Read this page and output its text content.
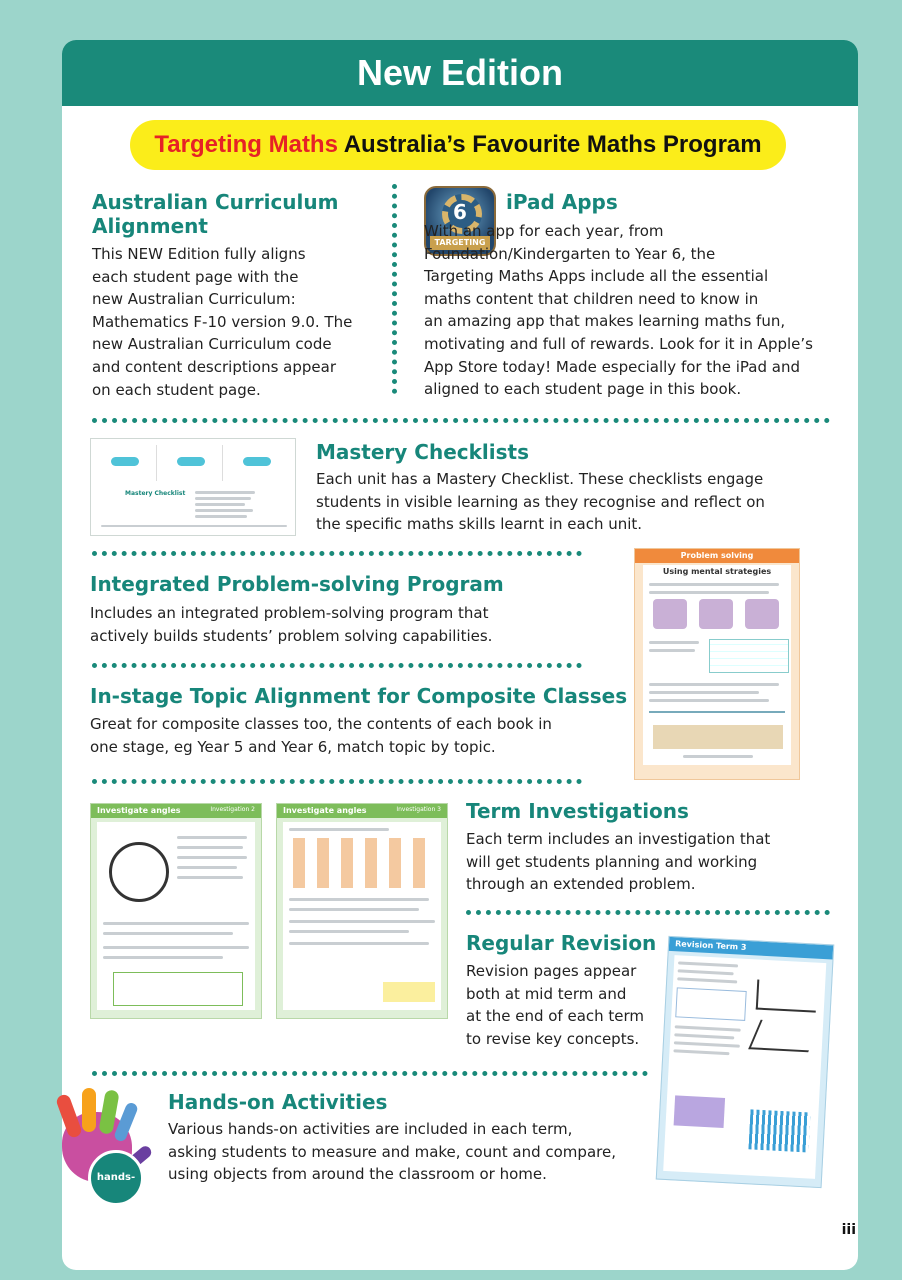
New Edition
Targeting Maths Australia’s Favourite Maths Program
Australian Curriculum
Alignment

This NEW Edition fully aligns
each student page with the
new Australian Curriculum:
Mathematics F-10 version 9.0. The
new Australian Curriculum code
and content descriptions appear
on each student page.

6
TARGETING
iPad Apps

With an app for each year, from
Foundation/Kindergarten to Year 6, the
Targeting Maths Apps include all the essential
maths content that children need to know in
an amazing app that makes learning maths fun,
motivating and full of rewards. Look for it in Apple’s
App Store today! Made especially for the iPad and
aligned to each student page in this book.

Mastery Checklist
Mastery Checklists

Each unit has a Mastery Checklist. These checklists engage
students in visible learning as they recognise and reflect on
the specific maths skills learnt in each unit.

Problem solving
Using mental strategies
Integrated Problem-solving Program

Includes an integrated problem-solving program that
actively builds students’ problem solving capabilities.

In-stage Topic Alignment for Composite Classes

Great for composite classes too, the contents of each book in
one stage, eg Year 5 and Year 6, match topic by topic.

Investigate angles	Investigation 2	Investigate angles	Investigation 3 Term Investigations

Each term includes an investigation that
will get students planning and working
through an extended problem.

Regular Revision

Revision pages appear
both at mid term and
at the end of each term
to revise key concepts.

Revision Term 3
hands-on
Hands-on Activities

Various hands-on activities are included in each term,
asking students to measure and make, count and compare,
using objects from around the classroom or home.

iii
